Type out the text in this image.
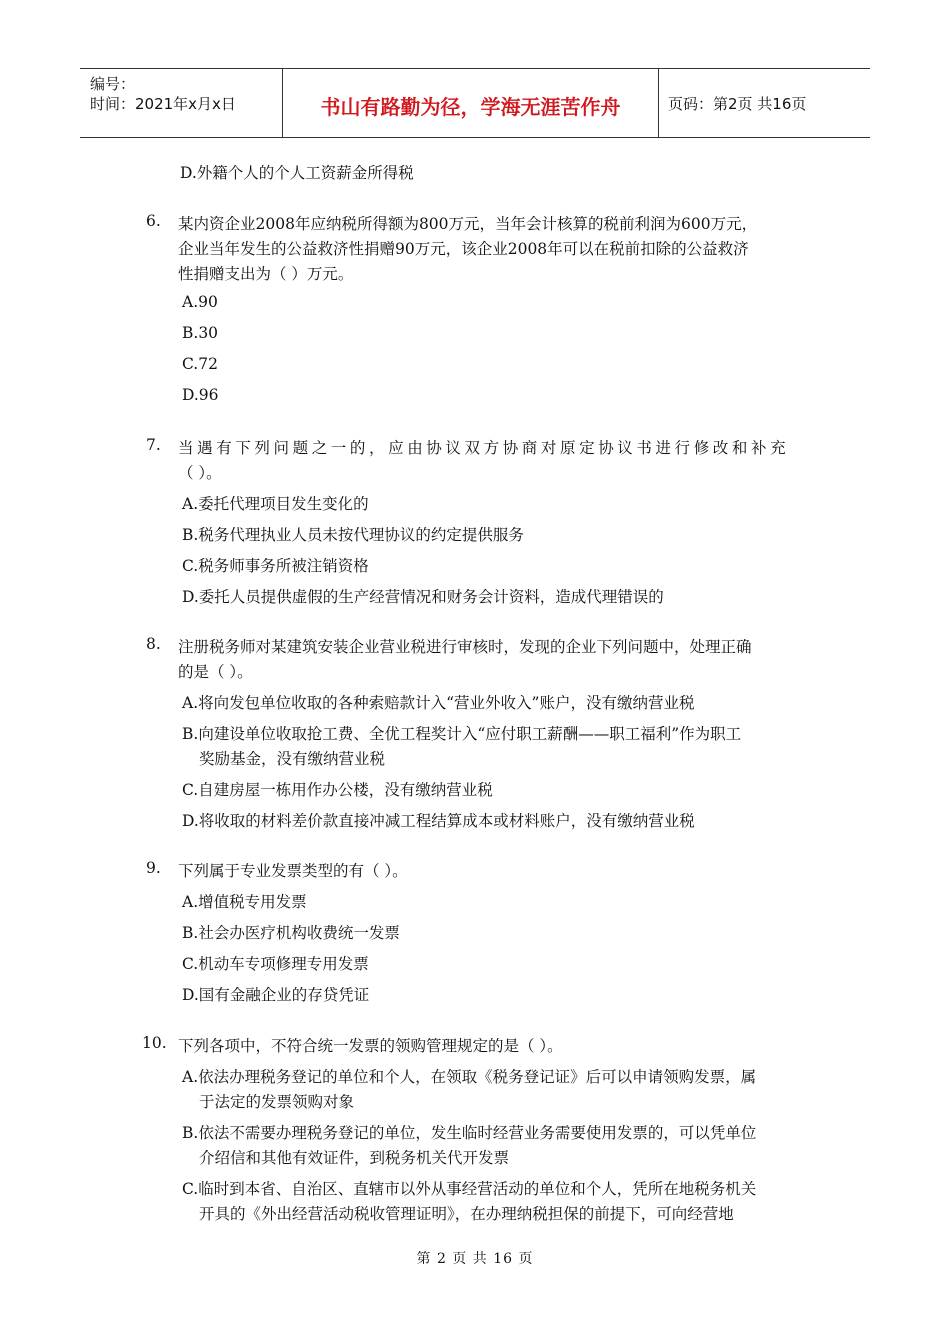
编号：
时间：2021年x月x日	书山有路勤为径，学海无涯苦作舟	页码：第2页 共16页
D.外籍个人的个人工资薪金所得税
6. 某内资企业2008年应纳税所得额为800万元，当年会计核算的税前利润为600万元，
企业当年发生的公益救济性捐赠90万元，该企业2008年可以在税前扣除的公益救济
性捐赠支出为（ ）万元。
A.90
B.30
C.72
D.96
7. 当遇有下列问题之一的，应由协议双方协商对原定协议书进行修改和补充
（ ）。
A.委托代理项目发生变化的
B.税务代理执业人员未按代理协议的约定提供服务
C.税务师事务所被注销资格
D.委托人员提供虚假的生产经营情况和财务会计资料，造成代理错误的
8. 注册税务师对某建筑安装企业营业税进行审核时，发现的企业下列问题中，处理正确
的是（ ）。
A.将向发包单位收取的各种索赔款计入“营业外收入”账户，没有缴纳营业税
B.向建设单位收取抢工费、全优工程奖计入“应付职工薪酬——职工福利”作为职工
奖励基金，没有缴纳营业税
C.自建房屋一栋用作办公楼，没有缴纳营业税
D.将收取的材料差价款直接冲减工程结算成本或材料账户，没有缴纳营业税
9. 下列属于专业发票类型的有（ ）。
A.增值税专用发票
B.社会办医疗机构收费统一发票
C.机动车专项修理专用发票
D.国有金融企业的存贷凭证
10. 下列各项中，不符合统一发票的领购管理规定的是（ ）。
A.依法办理税务登记的单位和个人，在领取《税务登记证》后可以申请领购发票，属
于法定的发票领购对象
B.依法不需要办理税务登记的单位，发生临时经营业务需要使用发票的，可以凭单位
介绍信和其他有效证件，到税务机关代开发票
C.临时到本省、自治区、直辖市以外从事经营活动的单位和个人，凭所在地税务机关
开具的《外出经营活动税收管理证明》，在办理纳税担保的前提下，可向经营地
第 2 页 共 16 页
